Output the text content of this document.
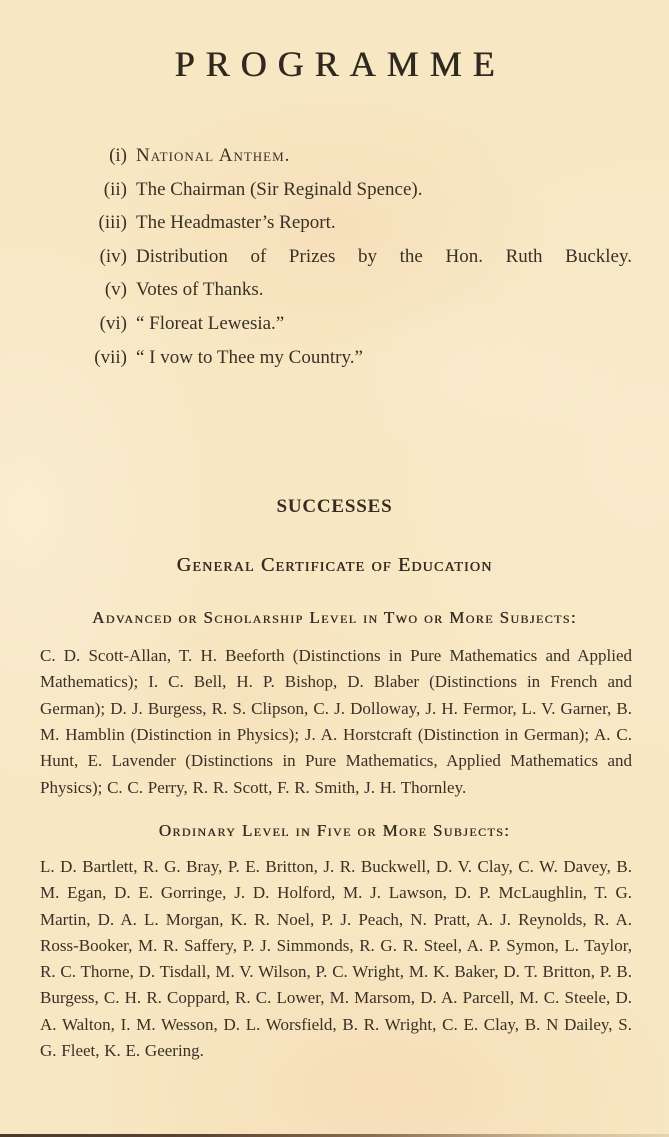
PROGRAMME
(i) National Anthem.
(ii) The Chairman (Sir Reginald Spence).
(iii) The Headmaster’s Report.
(iv) Distribution of Prizes by the Hon. Ruth Buckley.
(v) Votes of Thanks.
(vi) “ Floreat Lewesia.”
(vii) “ I vow to Thee my Country.”
SUCCESSES
General Certificate of Education
Advanced or Scholarship Level in Two or More Subjects:

C. D. Scott-Allan, T. H. Beeforth (Distinctions in Pure Mathematics and Applied Mathematics); I. C. Bell, H. P. Bishop, D. Blaber (Distinctions in French and German); D. J. Burgess, R. S. Clipson, C. J. Dolloway, J. H. Fermor, L. V. Garner, B. M. Hamblin (Distinction in Physics); J. A. Horstcraft (Distinction in German); A. C. Hunt, E. Lavender (Distinctions in Pure Mathematics, Applied Mathematics and Physics); C. C. Perry, R. R. Scott, F. R. Smith, J. H. Thornley.

Ordinary Level in Five or More Subjects:

L. D. Bartlett, R. G. Bray, P. E. Britton, J. R. Buckwell, D. V. Clay, C. W. Davey, B. M. Egan, D. E. Gorringe, J. D. Holford, M. J. Lawson, D. P. McLaughlin, T. G. Martin, D. A. L. Morgan, K. R. Noel, P. J. Peach, N. Pratt, A. J. Reynolds, R. A. Ross-Booker, M. R. Saffery, P. J. Simmonds, R. G. R. Steel, A. P. Symon, L. Taylor, R. C. Thorne, D. Tisdall, M. V. Wilson, P. C. Wright, M. K. Baker, D. T. Britton, P. B. Burgess, C. H. R. Coppard, R. C. Lower, M. Marsom, D. A. Parcell, M. C. Steele, D. A. Walton, I. M. Wesson, D. L. Worsfield, B. R. Wright, C. E. Clay, B. N Dailey, S. G. Fleet, K. E. Geering.
